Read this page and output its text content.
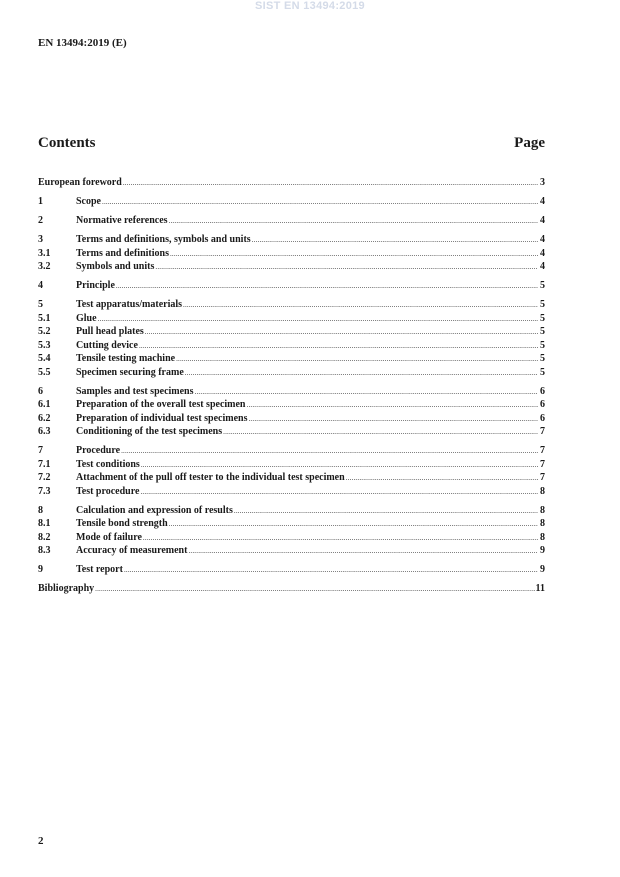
SIST EN 13494:2019
EN 13494:2019 (E)
Contents	Page
European foreword .....	3
1	Scope .....	4
2	Normative references .....	4
3	Terms and definitions, symbols and units .....	4
3.1	Terms and definitions .....	4
3.2	Symbols and units .....	4
4	Principle .....	5
5	Test apparatus/materials .....	5
5.1	Glue .....	5
5.2	Pull head plates .....	5
5.3	Cutting device .....	5
5.4	Tensile testing machine .....	5
5.5	Specimen securing frame .....	5
6	Samples and test specimens .....	6
6.1	Preparation of the overall test specimen .....	6
6.2	Preparation of individual test specimens .....	6
6.3	Conditioning of the test specimens .....	7
7	Procedure .....	7
7.1	Test conditions .....	7
7.2	Attachment of the pull off tester to the individual test specimen .....	7
7.3	Test procedure .....	8
8	Calculation and expression of results .....	8
8.1	Tensile bond strength .....	8
8.2	Mode of failure .....	8
8.3	Accuracy of measurement .....	9
9	Test report .....	9
Bibliography .....	11
2
